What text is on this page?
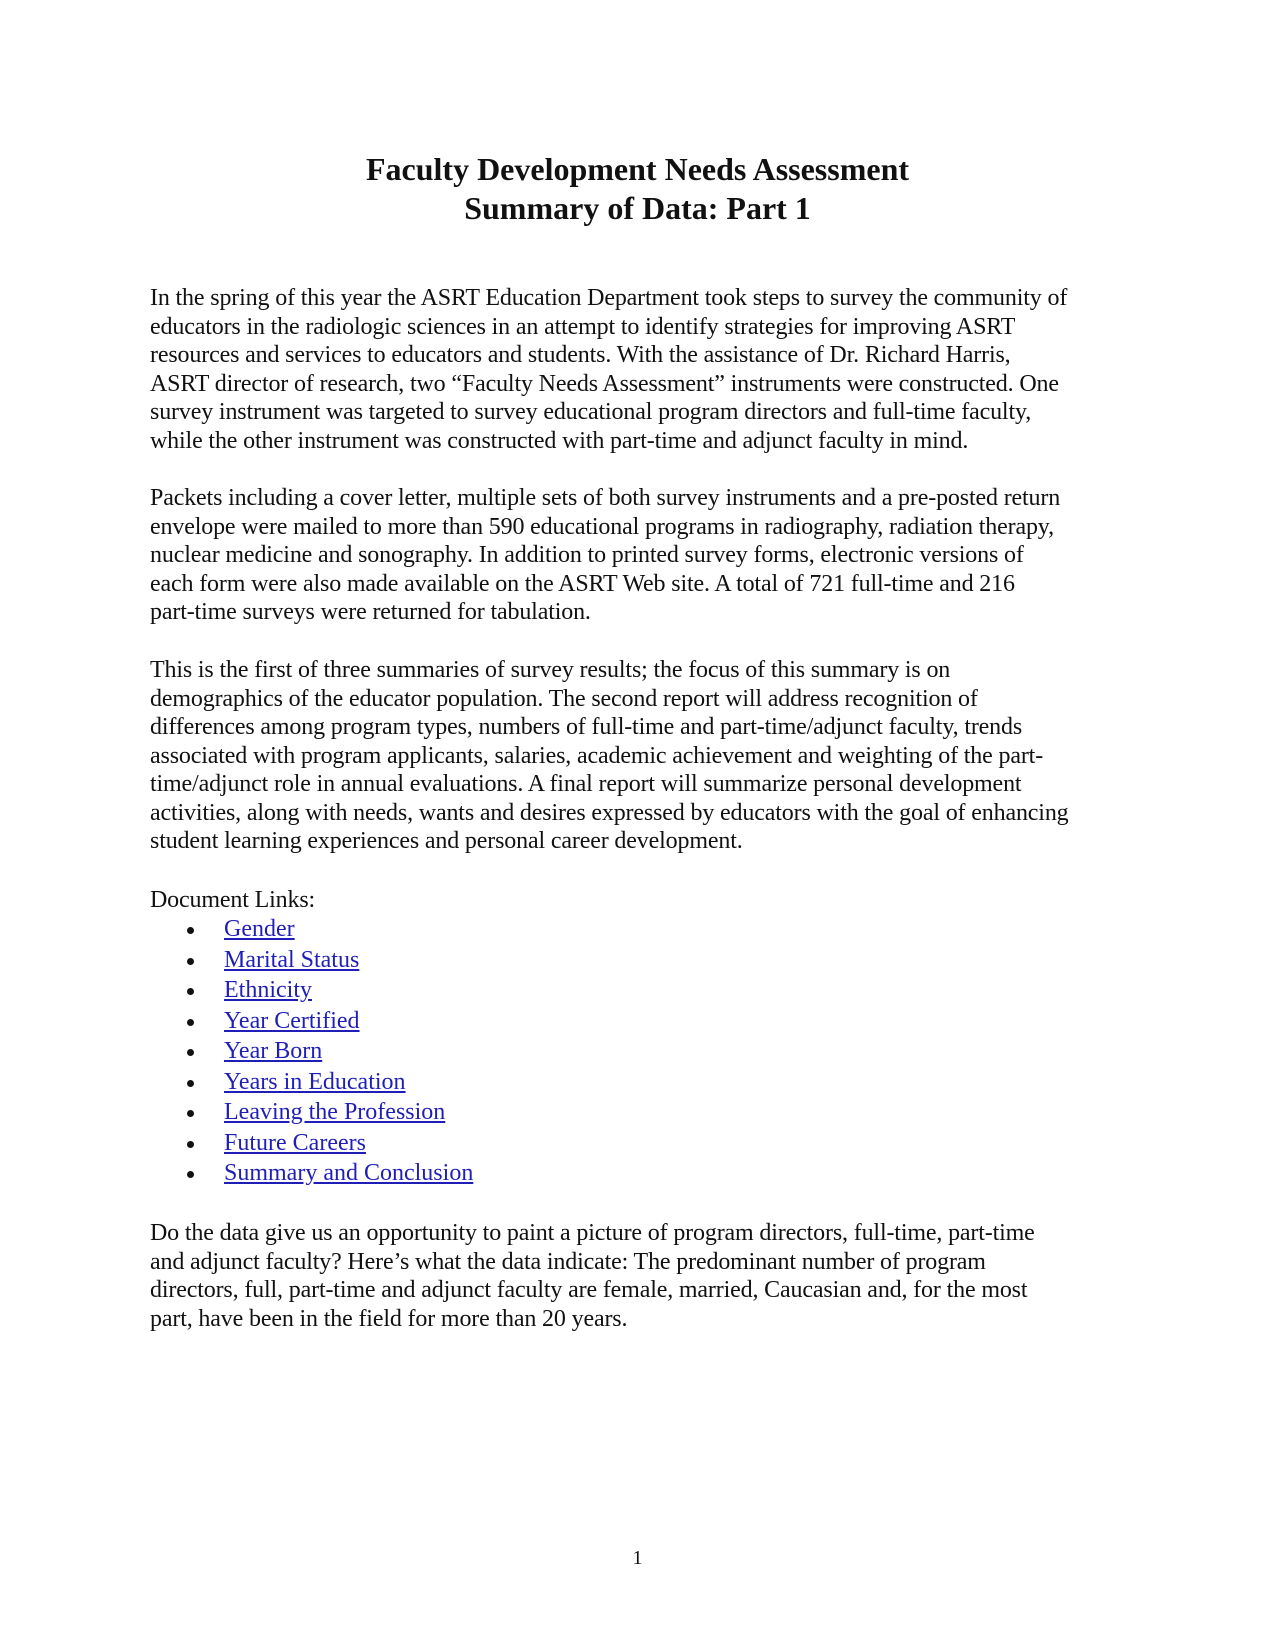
Faculty Development Needs Assessment
Summary of Data: Part 1

In the spring of this year the ASRT Education Department took steps to survey the community of
educators in the radiologic sciences in an attempt to identify strategies for improving ASRT
resources and services to educators and students. With the assistance of Dr. Richard Harris,
ASRT director of research, two “Faculty Needs Assessment” instruments were constructed. One
survey instrument was targeted to survey educational program directors and full-time faculty,
while the other instrument was constructed with part-time and adjunct faculty in mind.

Packets including a cover letter, multiple sets of both survey instruments and a pre-posted return
envelope were mailed to more than 590 educational programs in radiography, radiation therapy,
nuclear medicine and sonography. In addition to printed survey forms, electronic versions of
each form were also made available on the ASRT Web site. A total of 721 full-time and 216
part-time surveys were returned for tabulation.

This is the first of three summaries of survey results; the focus of this summary is on
demographics of the educator population. The second report will address recognition of
differences among program types, numbers of full-time and part-time/adjunct faculty, trends
associated with program applicants, salaries, academic achievement and weighting of the part-
time/adjunct role in annual evaluations. A final report will summarize personal development
activities, along with needs, wants and desires expressed by educators with the goal of enhancing
student learning experiences and personal career development.

Document Links:

Gender
Marital Status
Ethnicity
Year Certified
Year Born
Years in Education
Leaving the Profession
Future Careers
Summary and Conclusion

Do the data give us an opportunity to paint a picture of program directors, full-time, part-time
and adjunct faculty? Here’s what the data indicate: The predominant number of program
directors, full, part-time and adjunct faculty are female, married, Caucasian and, for the most
part, have been in the field for more than 20 years.

1
